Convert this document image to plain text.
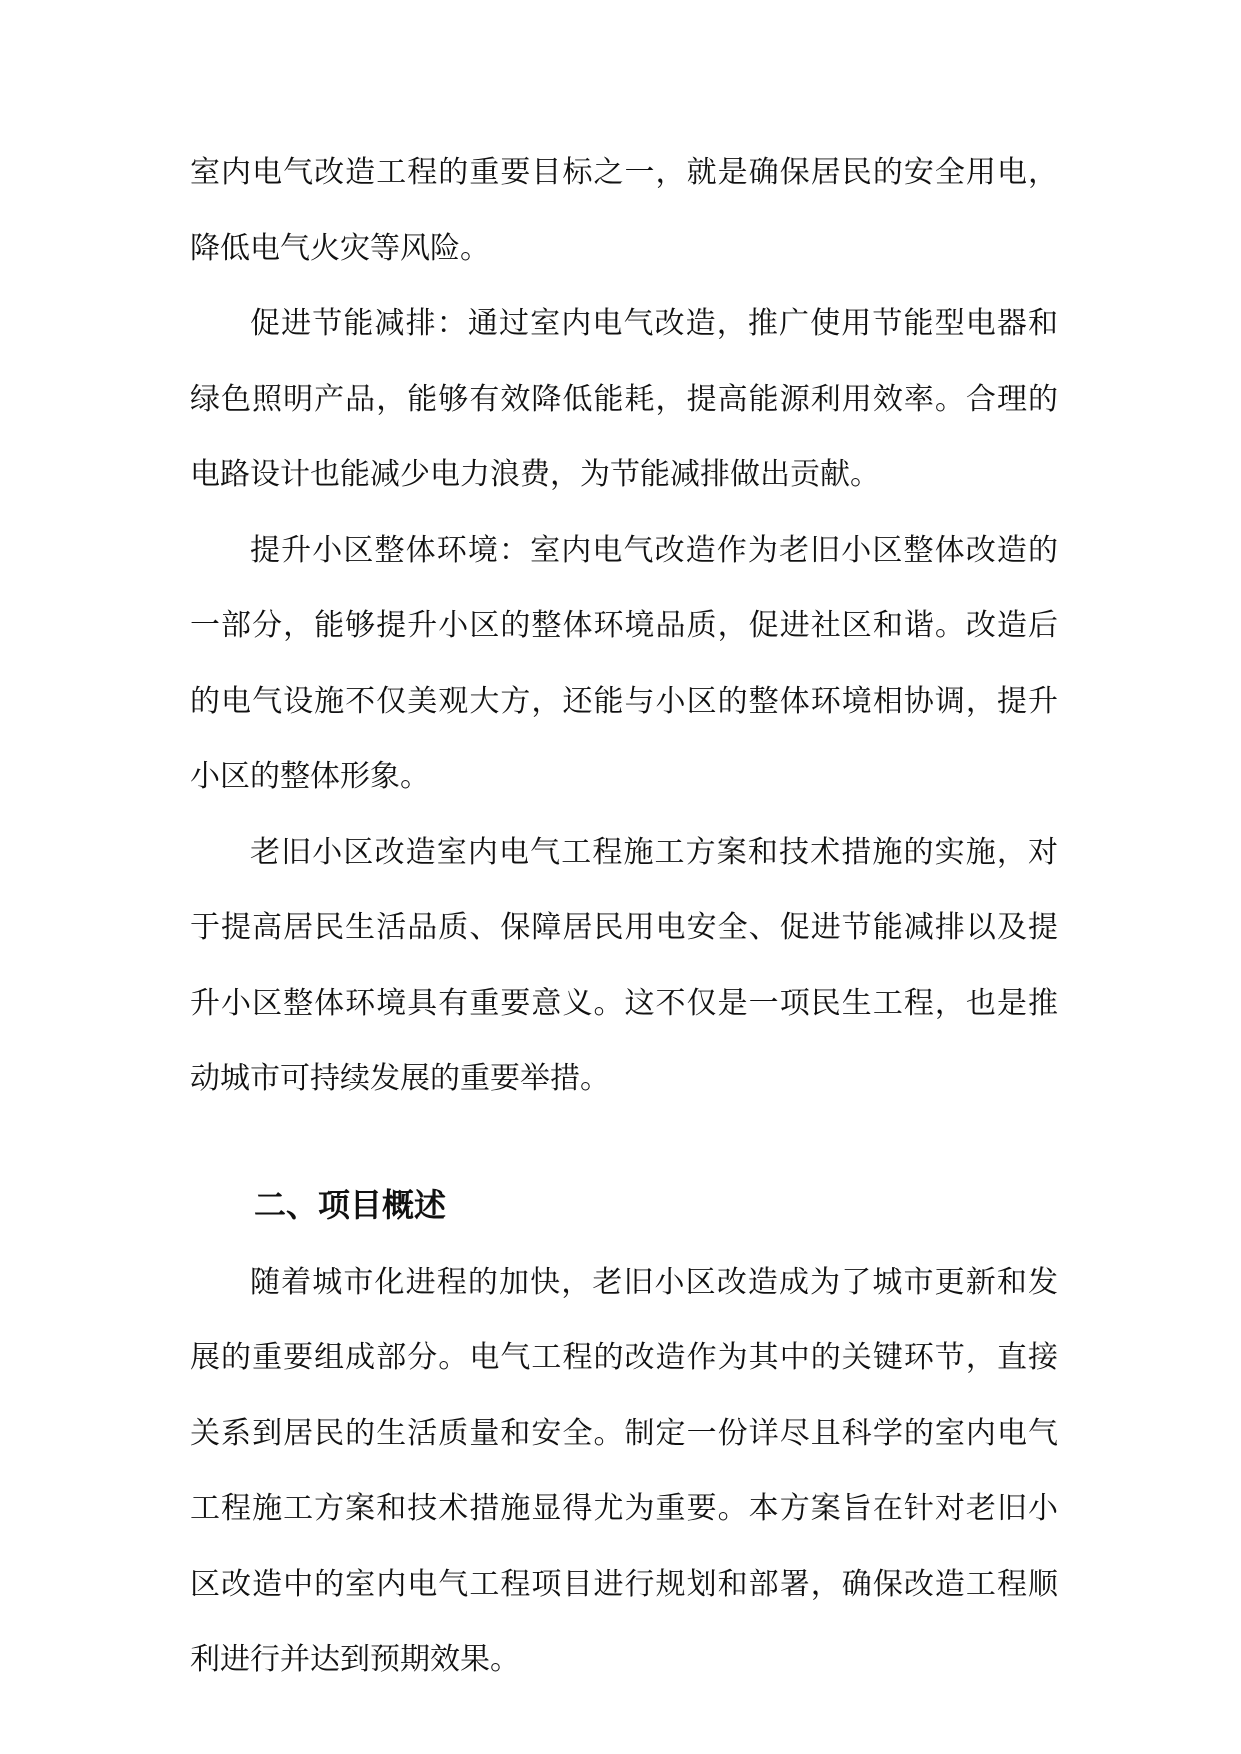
室内电气改造工程的重要目标之一，就是确保居民的安全用电，降低电气火灾等风险。

促进节能减排：通过室内电气改造，推广使用节能型电器和绿色照明产品，能够有效降低能耗，提高能源利用效率。合理的电路设计也能减少电力浪费，为节能减排做出贡献。

提升小区整体环境：室内电气改造作为老旧小区整体改造的一部分，能够提升小区的整体环境品质，促进社区和谐。改造后的电气设施不仅美观大方，还能与小区的整体环境相协调，提升小区的整体形象。

老旧小区改造室内电气工程施工方案和技术措施的实施，对于提高居民生活品质、保障居民用电安全、促进节能减排以及提升小区整体环境具有重要意义。这不仅是一项民生工程，也是推动城市可持续发展的重要举措。

二、项目概述

随着城市化进程的加快，老旧小区改造成为了城市更新和发展的重要组成部分。电气工程的改造作为其中的关键环节，直接关系到居民的生活质量和安全。制定一份详尽且科学的室内电气工程施工方案和技术措施显得尤为重要。本方案旨在针对老旧小区改造中的室内电气工程项目进行规划和部署，确保改造工程顺利进行并达到预期效果。
